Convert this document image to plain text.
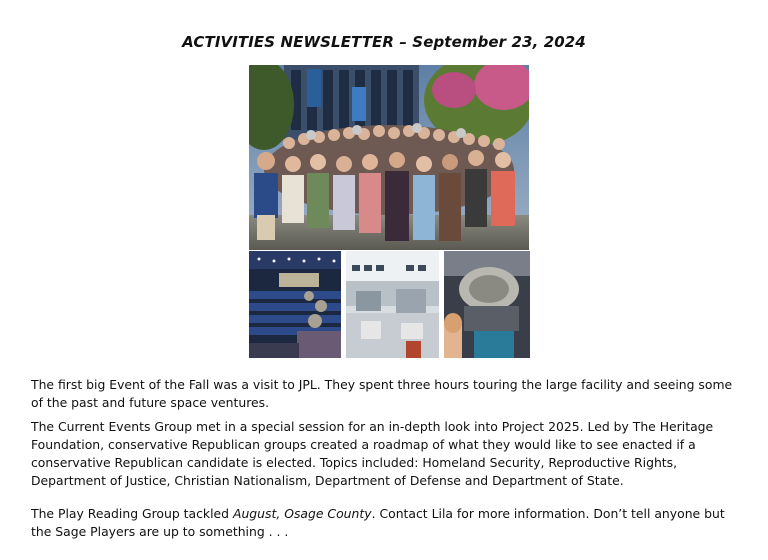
ACTIVITIES NEWSLETTER – September 23, 2024

The first big Event of the Fall was a visit to JPL. They spent three hours touring the large facility and seeing some of the past and future space ventures.

The Current Events Group met in a special session for an in-depth look into Project 2025. Led by The Heritage Foundation, conservative Republican groups created a roadmap of what they would like to see enacted if a conservative Republican candidate is elected. Topics included: Homeland Security, Reproductive Rights, Department of Justice, Christian Nationalism, Department of Defense and Department of State.

The Play Reading Group tackled August, Osage County. Contact Lila for more information. Don’t tell anyone but the Sage Players are up to something . . .
